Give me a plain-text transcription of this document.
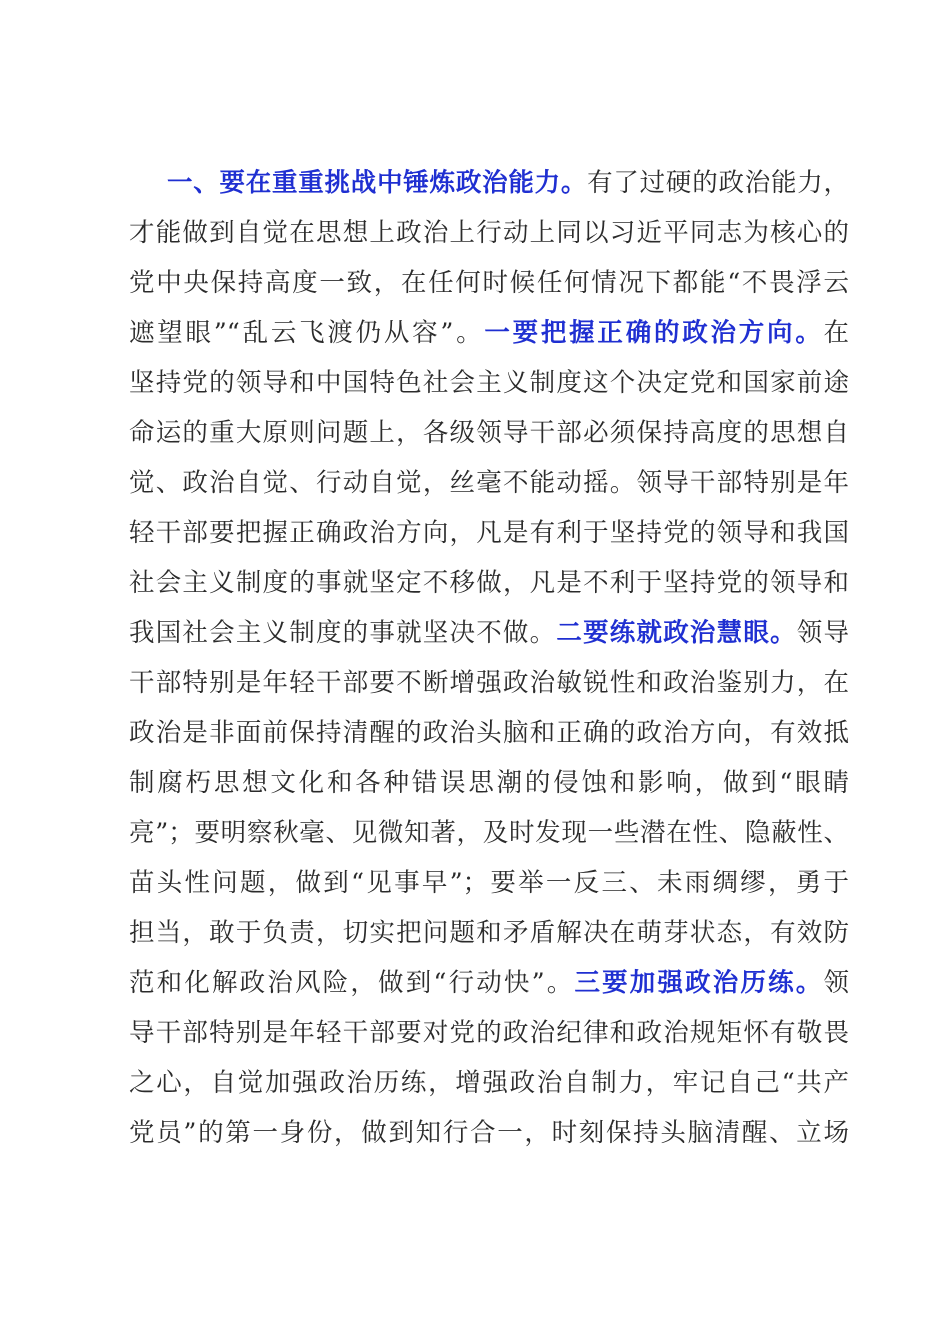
一、要在重重挑战中锤炼政治能力。有了过硬的政治能力，
才能做到自觉在思想上政治上行动上同以习近平同志为核心的
党中央保持高度一致，在任何时候任何情况下都能“不畏浮云
遮望眼”“乱云飞渡仍从容”。一要把握正确的政治方向。在
坚持党的领导和中国特色社会主义制度这个决定党和国家前途
命运的重大原则问题上，各级领导干部必须保持高度的思想自
觉、政治自觉、行动自觉，丝毫不能动摇。领导干部特别是年
轻干部要把握正确政治方向，凡是有利于坚持党的领导和我国
社会主义制度的事就坚定不移做，凡是不利于坚持党的领导和
我国社会主义制度的事就坚决不做。二要练就政治慧眼。领导
干部特别是年轻干部要不断增强政治敏锐性和政治鉴别力，在
政治是非面前保持清醒的政治头脑和正确的政治方向，有效抵
制腐朽思想文化和各种错误思潮的侵蚀和影响，做到“眼睛
亮”；要明察秋毫、见微知著，及时发现一些潜在性、隐蔽性、
苗头性问题，做到“见事早”；要举一反三、未雨绸缪，勇于
担当，敢于负责，切实把问题和矛盾解决在萌芽状态，有效防
范和化解政治风险，做到“行动快”。三要加强政治历练。领
导干部特别是年轻干部要对党的政治纪律和政治规矩怀有敬畏
之心，自觉加强政治历练，增强政治自制力，牢记自己“共产
党员”的第一身份，做到知行合一，时刻保持头脑清醒、立场
